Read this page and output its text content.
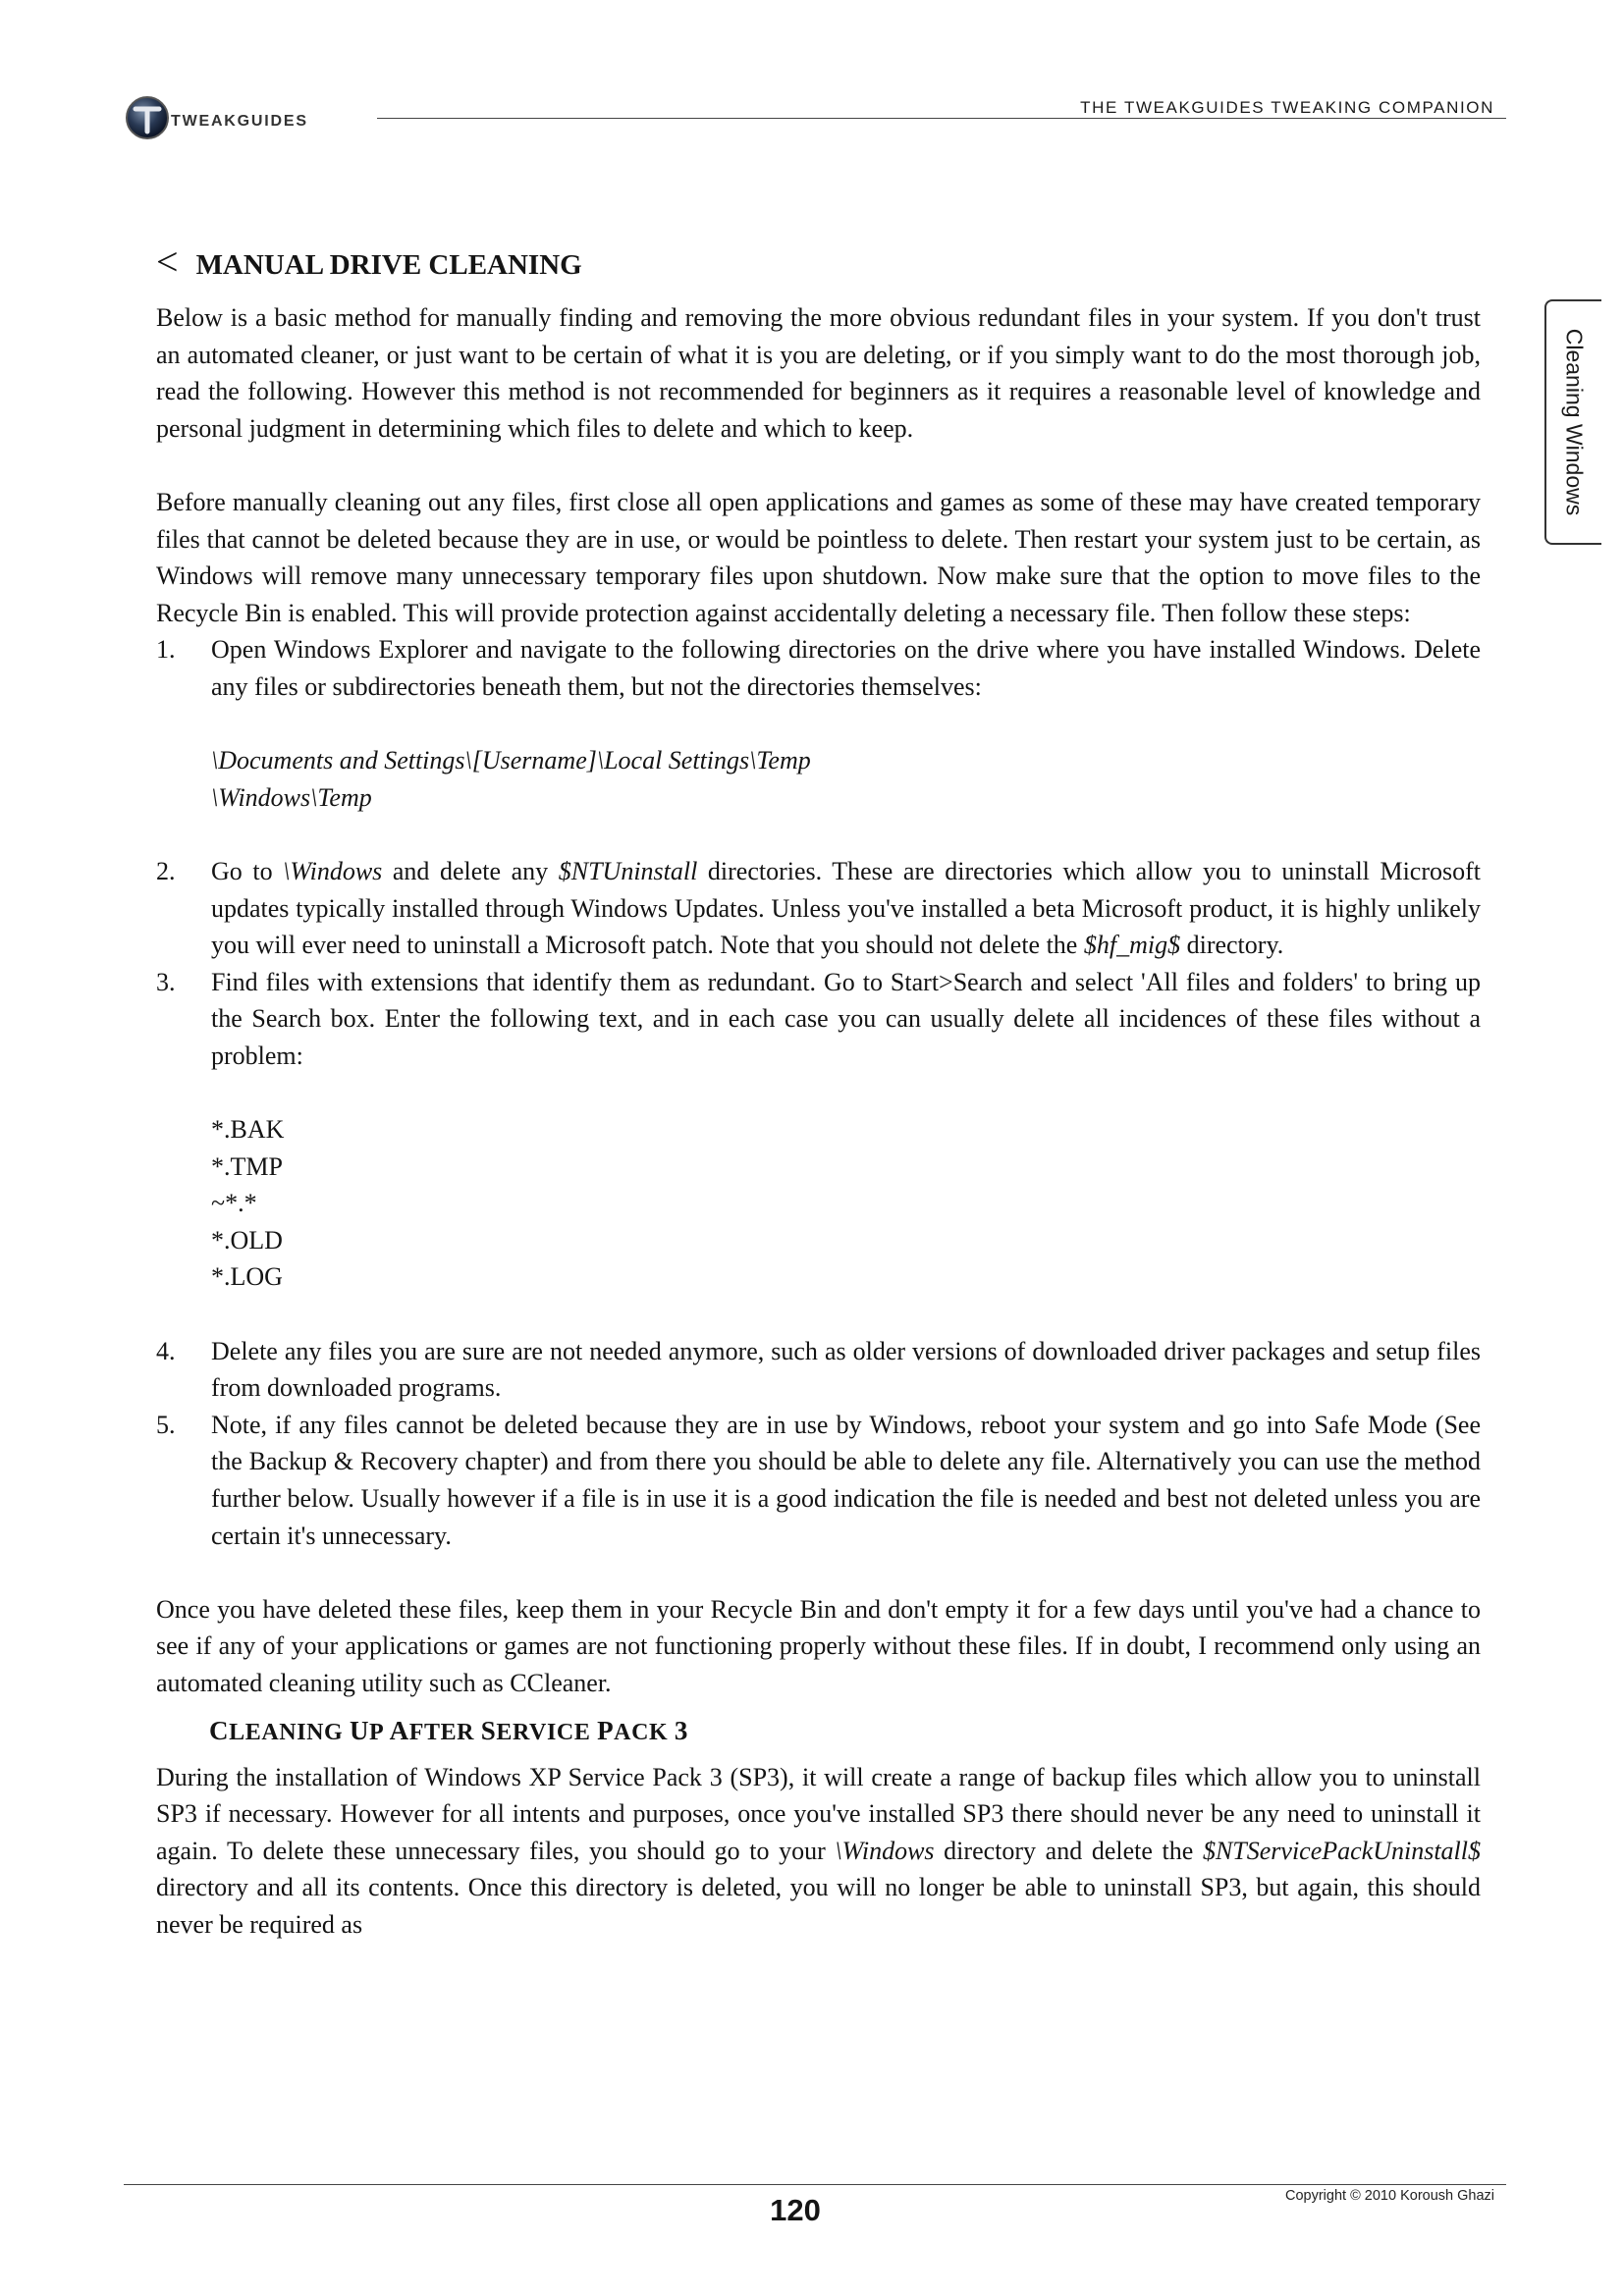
TWEAKGUIDES
THE TWEAKGUIDES TWEAKING COMPANION
Cleaning Windows
< MANUAL DRIVE CLEANING

Below is a basic method for manually finding and removing the more obvious redundant files in your system. If you don't trust an automated cleaner, or just want to be certain of what it is you are deleting, or if you simply want to do the most thorough job, read the following. However this method is not recommended for beginners as it requires a reasonable level of knowledge and personal judgment in determining which files to delete and which to keep.

Before manually cleaning out any files, first close all open applications and games as some of these may have created temporary files that cannot be deleted because they are in use, or would be pointless to delete. Then restart your system just to be certain, as Windows will remove many unnecessary temporary files upon shutdown. Now make sure that the option to move files to the Recycle Bin is enabled. This will provide protection against accidentally deleting a necessary file. Then follow these steps:

1. Open Windows Explorer and navigate to the following directories on the drive where you have installed Windows. Delete any files or subdirectories beneath them, but not the directories themselves:
\Documents and Settings\[Username]\Local Settings\Temp
\Windows\Temp
2. Go to \Windows and delete any $NTUninstall directories. These are directories which allow you to uninstall Microsoft updates typically installed through Windows Updates. Unless you've installed a beta Microsoft product, it is highly unlikely you will ever need to uninstall a Microsoft patch. Note that you should not delete the $hf_mig$ directory.
3. Find files with extensions that identify them as redundant. Go to Start>Search and select 'All files and folders' to bring up the Search box. Enter the following text, and in each case you can usually delete all incidences of these files without a problem:
*.BAK
*.TMP
~*.*
*.OLD
*.LOG
4. Delete any files you are sure are not needed anymore, such as older versions of downloaded driver packages and setup files from downloaded programs.
5. Note, if any files cannot be deleted because they are in use by Windows, reboot your system and go into Safe Mode (See the Backup & Recovery chapter) and from there you should be able to delete any file. Alternatively you can use the method further below. Usually however if a file is in use it is a good indication the file is needed and best not deleted unless you are certain it's unnecessary.

Once you have deleted these files, keep them in your Recycle Bin and don't empty it for a few days until you've had a chance to see if any of your applications or games are not functioning properly without these files. If in doubt, I recommend only using an automated cleaning utility such as CCleaner.

CLEANING UP AFTER SERVICE PACK 3

During the installation of Windows XP Service Pack 3 (SP3), it will create a range of backup files which allow you to uninstall SP3 if necessary. However for all intents and purposes, once you've installed SP3 there should never be any need to uninstall it again. To delete these unnecessary files, you should go to your \Windows directory and delete the $NTServicePackUninstall$ directory and all its contents. Once this directory is deleted, you will no longer be able to uninstall SP3, but again, this should never be required as

Copyright © 2010 Koroush Ghazi
120
